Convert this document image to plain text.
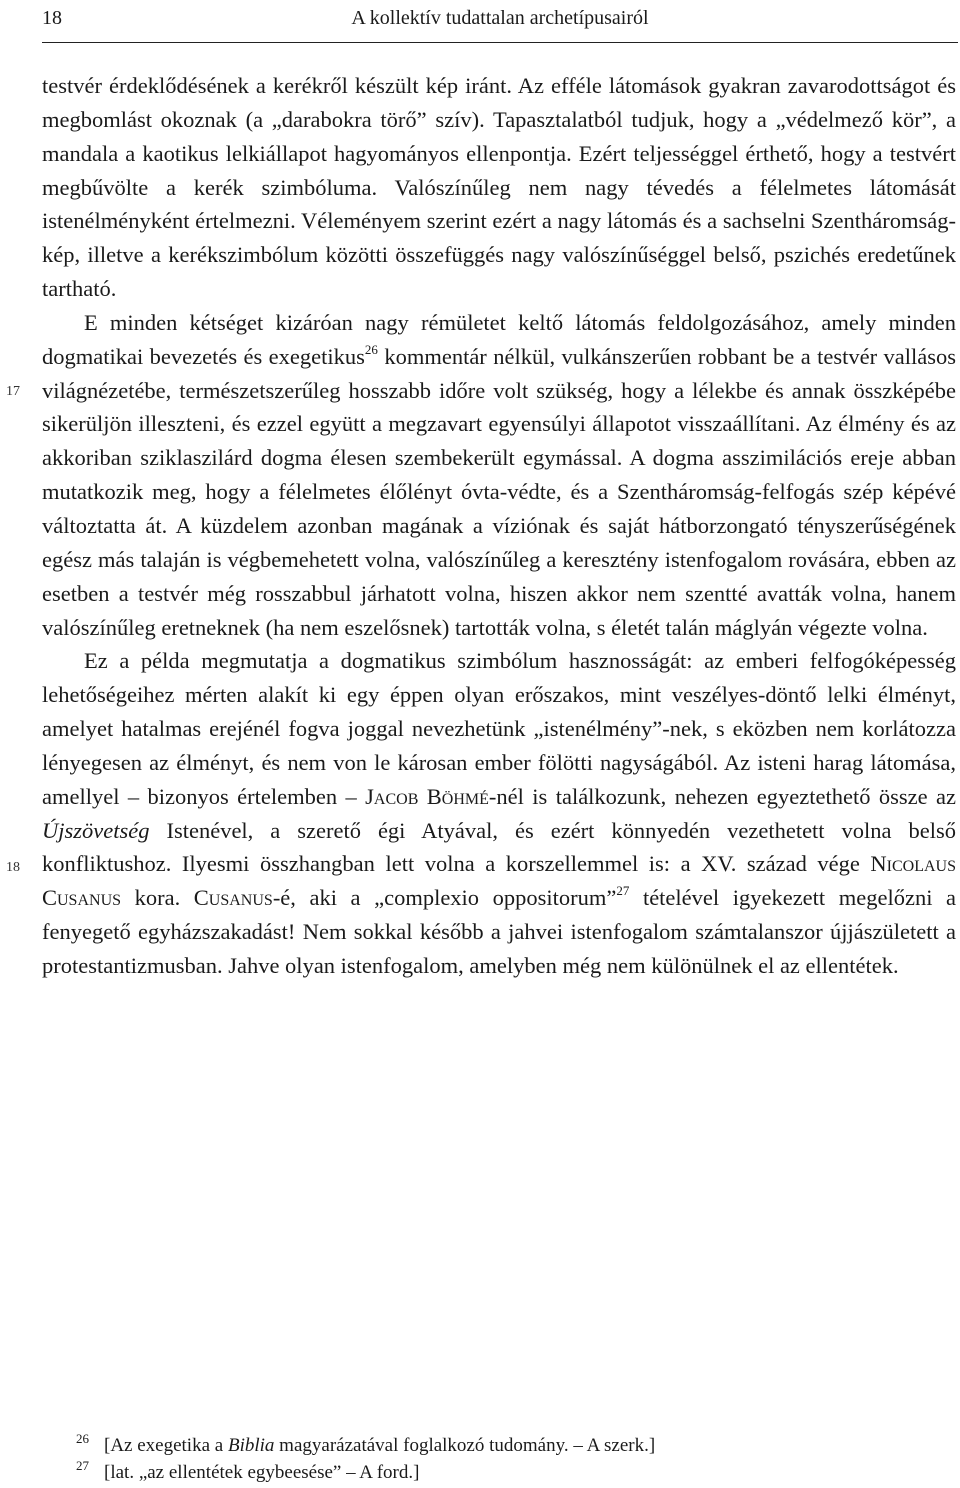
18	A kollektív tudattalan archetípusairól
17
18

testvér érdeklődésének a kerékről készült kép iránt. Az efféle látomások gyakran zavarodottságot és megbomlást okoznak (a „darabokra törő” szív). Tapasztalatból tudjuk, hogy a „védelmező kör”, a mandala a kaotikus lelkiállapot hagyományos ellenpontja. Ezért teljességgel érthető, hogy a testvért megbűvölte a kerék szimbóluma. Valószínűleg nem nagy tévedés a félelmetes látomását istenélményként értelmezni. Véleményem szerint ezért a nagy látomás és a sachselni Szentháromság-kép, illetve a kerékszimbólum közötti összefüggés nagy valószínűséggel belső, pszichés eredetűnek tartható.

E minden kétséget kizáróan nagy rémületet keltő látomás feldolgozásához, amely minden dogmatikai bevezetés és exegetikus$^{26}$ kommentár nélkül, vulkánszerűen robbant be a testvér vallásos világnézetébe, természetszerűleg hosszabb időre volt szükség, hogy a lélekbe és annak összképébe sikerüljön illeszteni, és ezzel együtt a megzavart egyensúlyi állapotot visszaállítani. Az élmény és az akkoriban sziklaszilárd dogma élesen szembekerült egymással. A dogma asszimilációs ereje abban mutatkozik meg, hogy a félelmetes élőlényt óvta-védte, és a Szentháromság-felfogás szép képévé változtatta át. A küzdelem azonban magának a víziónak és saját hátborzongató tényszerűségének egész más talaján is végbemehetett volna, valószínűleg a keresztény istenfogalom rovására, ebben az esetben a testvér még rosszabbul járhatott volna, hiszen akkor nem szentté avatták volna, hanem valószínűleg eretneknek (ha nem eszelősnek) tartották volna, s életét talán máglyán végezte volna.

Ez a példa megmutatja a dogmatikus szimbólum hasznosságát: az emberi felfogóképesség lehetőségeihez mérten alakít ki egy éppen olyan erőszakos, mint veszélyes-döntő lelki élményt, amelyet hatalmas erejénél fogva joggal nevezhetünk „istenélmény”-nek, s eközben nem korlátozza lényegesen az élményt, és nem von le károsan ember fölötti nagyságából. Az isteni harag látomása, amellyel – bizonyos értelemben – Jacob Böhmé-nél is találkozunk, nehezen egyeztethető össze az Újszövetség Istenével, a szerető égi Atyával, és ezért könnyedén vezethetett volna belső konfliktushoz. Ilyesmi összhangban lett volna a korszellemmel is: a XV. század vége Nicolaus Cusanus kora. Cusanus-é, aki a „complexio oppositorum”$^{27}$ tételével igyekezett megelőzni a fenyegető egyházszakadást! Nem sokkal később a jahvei istenfogalom számtalanszor újjászületett a protestantizmusban. Jahve olyan istenfogalom, amelyben még nem különülnek el az ellentétek.

26 [Az exegetika a Biblia magyarázatával foglalkozó tudomány. – A szerk.]
27 [lat. „az ellentétek egybeesése” – A ford.]
